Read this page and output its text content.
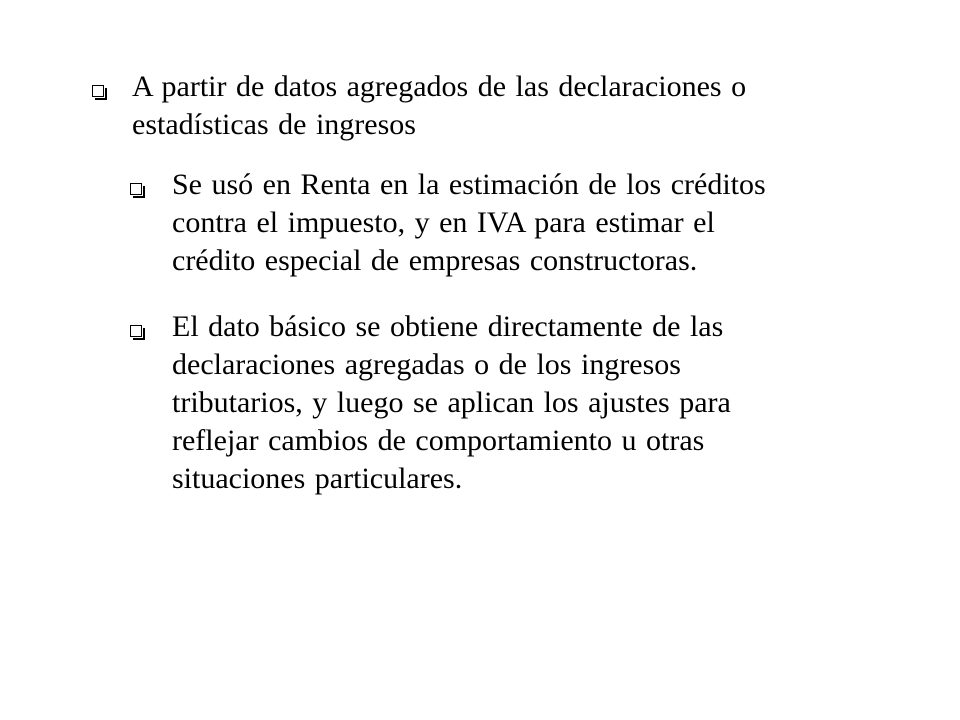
A partir de datos agregados de las declaraciones o
estadísticas de ingresos
Se usó en Renta en la estimación de los créditos
contra el impuesto, y en IVA para estimar el
crédito especial de empresas constructoras.
El dato básico se obtiene directamente de las
declaraciones agregadas o de los ingresos
tributarios, y luego se aplican los ajustes para
reflejar cambios de comportamiento u otras
situaciones particulares.
